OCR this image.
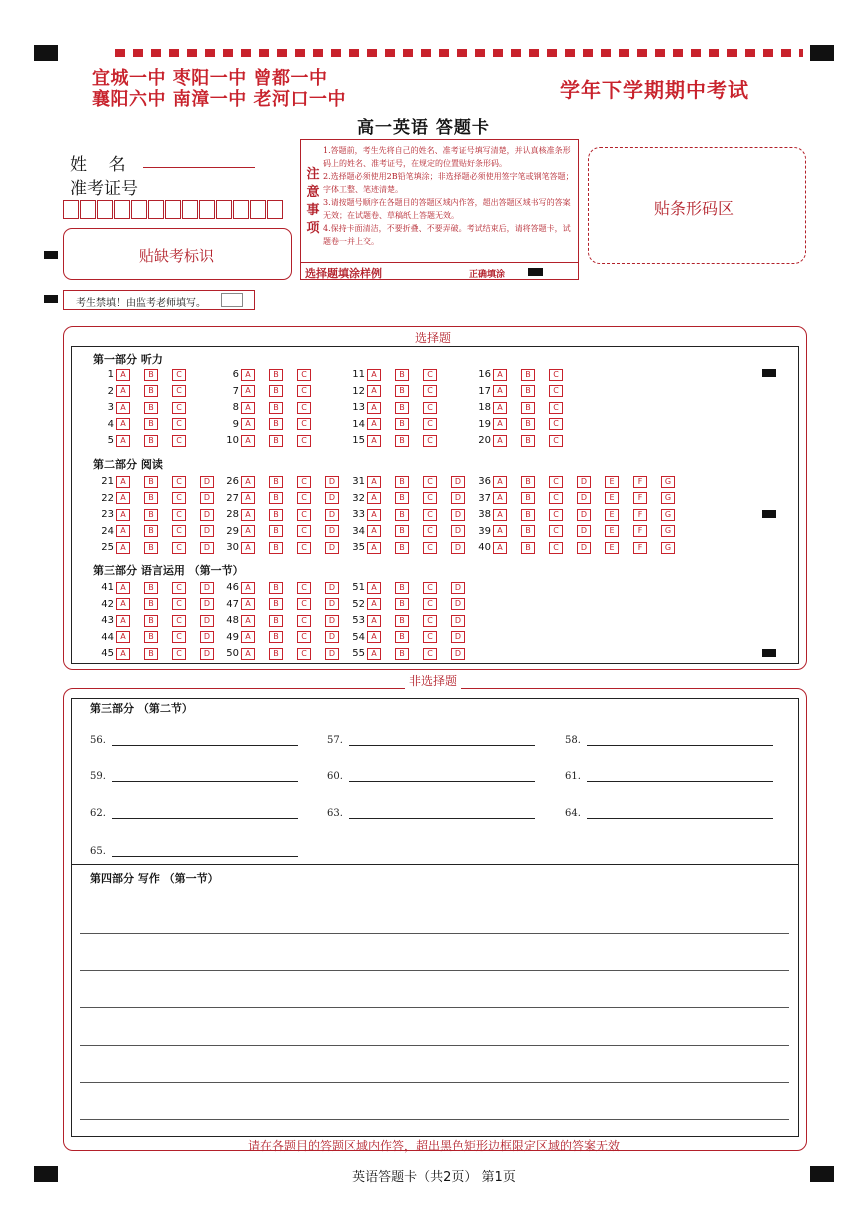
宜城一中 枣阳一中 曾都一中
襄阳六中 南漳一中 老河口一中	学年下学期期中考试
高一英语 答题卡
姓    名
准考证号
贴缺考标识
考生禁填！由监考老师填写。
注意事项
1.答题前，考生先将自己的姓名、准考证号填写清楚，并认真核准条形码上的姓名、准考证号，在规定的位置贴好条形码。
2.选择题必须使用2B铅笔填涂；非选择题必须使用签字笔或钢笔答题；字体工整、笔迹清楚。
3.请按题号顺序在各题目的答题区域内作答，超出答题区域书写的答案无效；在试题卷、草稿纸上答题无效。
4.保持卡面清洁，不要折叠、不要弄破。考试结束后，请将答题卡，试题卷一并上交。
选择题填涂样例	正确填涂
贴条形码区
选择题
第一部分 听力
第二部分 阅读
第三部分 语言运用 （第一节）
1 A	B	C
2 A	B	C
3 A	B	C
4 A	B	C
5 A	B	C
6 A	B	C
7 A	B	C
8 A	B	C
9 A	B	C
10 A	B	C
11 A	B	C
12 A	B	C
13 A	B	C
14 A	B	C
15 A	B	C
16 A	B	C
17 A	B	C
18 A	B	C
19 A	B	C
20 A	B	C
21 A	B	C	D
22 A	B	C	D
23 A	B	C	D
24 A	B	C	D
25 A	B	C	D
26 A	B	C	D
27 A	B	C	D
28 A	B	C	D
29 A	B	C	D
30 A	B	C	D
31 A	B	C	D
32 A	B	C	D
33 A	B	C	D
34 A	B	C	D
35 A	B	C	D
36 A	B	C	D	E	F	G
37 A	B	C	D	E	F	G
38 A	B	C	D	E	F	G
39 A	B	C	D	E	F	G
40 A	B	C	D	E	F	G
41 A	B	C	D
42 A	B	C	D
43 A	B	C	D
44 A	B	C	D
45 A	B	C	D
46 A	B	C	D
47 A	B	C	D
48 A	B	C	D
49 A	B	C	D
50 A	B	C	D
51 A	B	C	D
52 A	B	C	D
53 A	B	C	D
54 A	B	C	D
55 A	B	C	D
非选择题
第三部分 （第二节）
56.	57.	58.
59.	60.	61.
62.	63.	64.
65.
第四部分 写作 （第一节）
请在各题目的答题区域内作答，超出黑色矩形边框限定区域的答案无效
英语答题卡（共2页） 第1页
